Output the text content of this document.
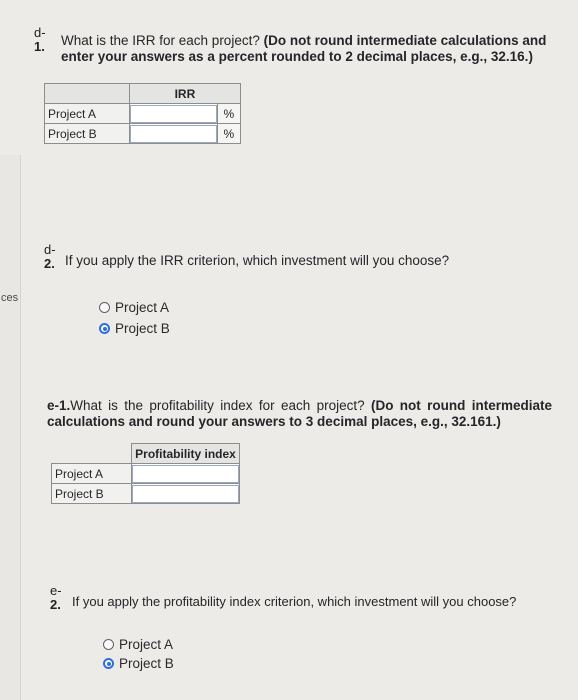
ces
d-
1. What is the IRR for each project? (Do not round intermediate calculations and enter your answers as a percent rounded to 2 decimal places, e.g., 32.16.)
	IRR	
Project A		%
Project B		%
d-
2. If you apply the IRR criterion, which investment will you choose?
Project A
Project B
e-1.What is the profitability index for each project? (Do not round intermediate calculations and round your answers to 3 decimal places, e.g., 32.161.)
	Profitability index
Project A	

Project B	
e-
2. If you apply the profitability index criterion, which investment will you choose?
Project A
Project B
